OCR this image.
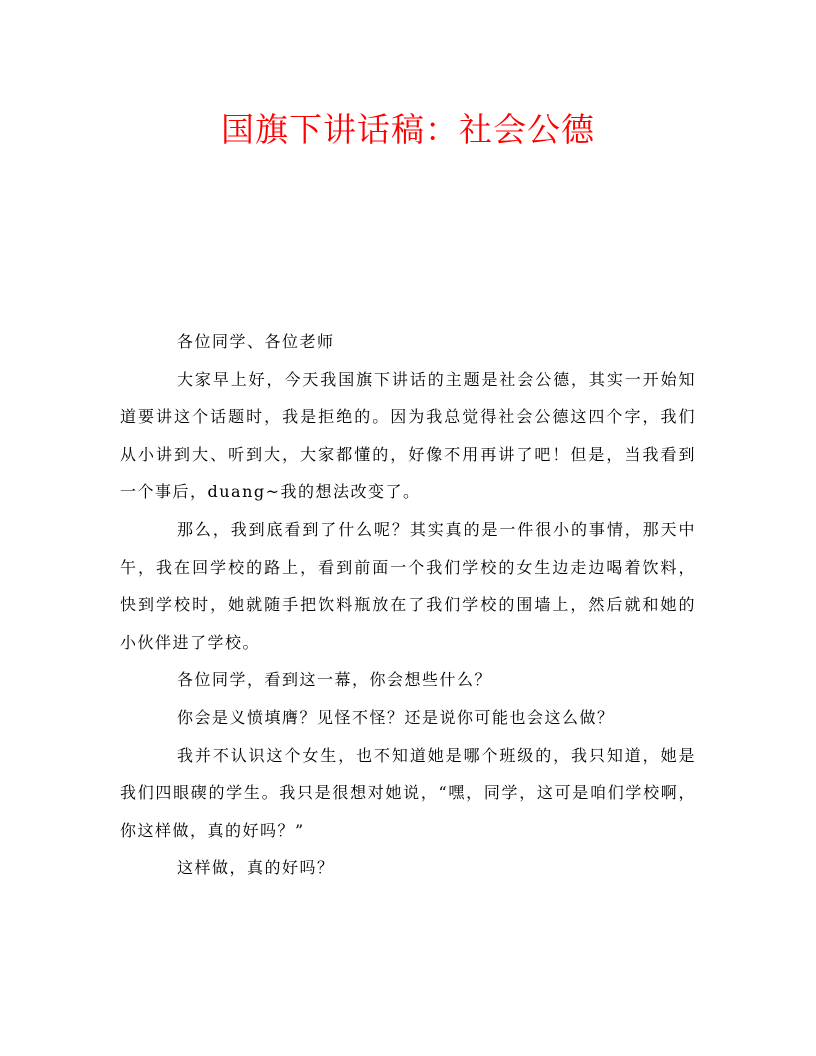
国旗下讲话稿：社会公德

各位同学、各位老师

大家早上好，今天我国旗下讲话的主题是社会公德，其实一开始知道要讲这个话题时，我是拒绝的。因为我总觉得社会公德这四个字，我们从小讲到大、听到大，大家都懂的，好像不用再讲了吧！但是，当我看到一个事后，duang~我的想法改变了。

那么，我到底看到了什么呢？其实真的是一件很小的事情，那天中午，我在回学校的路上，看到前面一个我们学校的女生边走边喝着饮料，快到学校时，她就随手把饮料瓶放在了我们学校的围墙上，然后就和她的小伙伴进了学校。

各位同学，看到这一幕，你会想些什么？

你会是义愤填膺？见怪不怪？还是说你可能也会这么做？

我并不认识这个女生，也不知道她是哪个班级的，我只知道，她是我们四眼碶的学生。我只是很想对她说，“嘿，同学，这可是咱们学校啊，你这样做，真的好吗？”

这样做，真的好吗？
